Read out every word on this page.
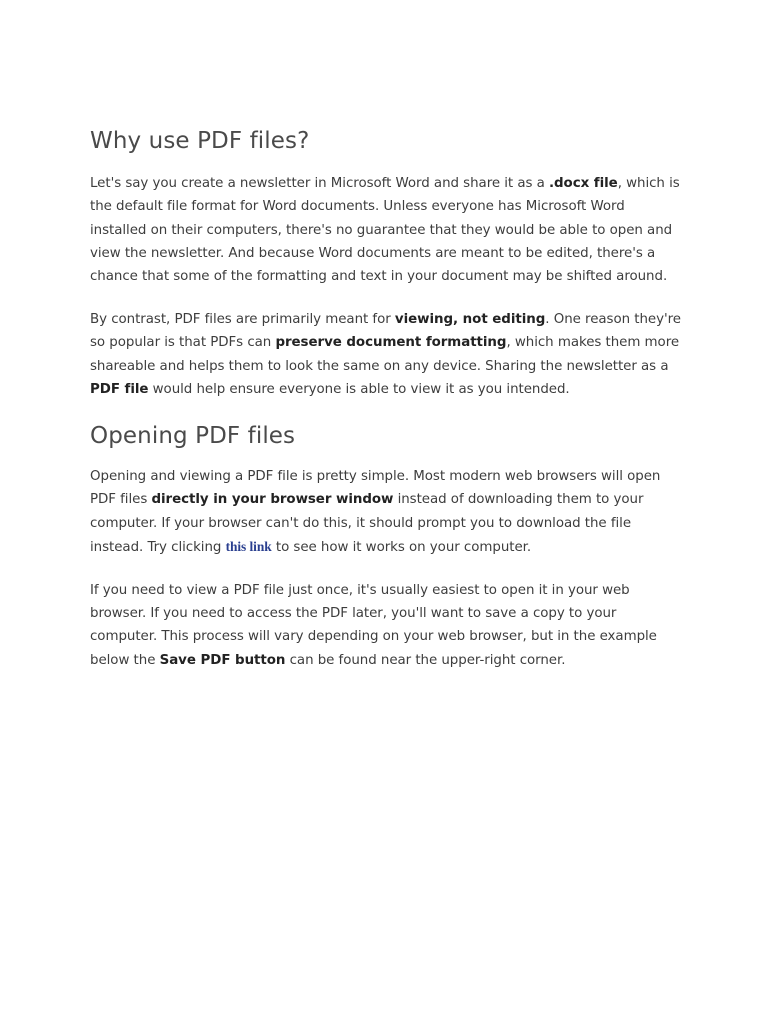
Why use PDF files?

Let's say you create a newsletter in Microsoft Word and share it as a .docx file, which is the default file format for Word documents. Unless everyone has Microsoft Word installed on their computers, there's no guarantee that they would be able to open and view the newsletter. And because Word documents are meant to be edited, there's a chance that some of the formatting and text in your document may be shifted around.

By contrast, PDF files are primarily meant for viewing, not editing. One reason they're so popular is that PDFs can preserve document formatting, which makes them more shareable and helps them to look the same on any device. Sharing the newsletter as a PDF file would help ensure everyone is able to view it as you intended.

Opening PDF files

Opening and viewing a PDF file is pretty simple. Most modern web browsers will open PDF files directly in your browser window instead of downloading them to your computer. If your browser can't do this, it should prompt you to download the file instead. Try clicking this link to see how it works on your computer.

If you need to view a PDF file just once, it's usually easiest to open it in your web browser. If you need to access the PDF later, you'll want to save a copy to your computer. This process will vary depending on your web browser, but in the example below the Save PDF button can be found near the upper-right corner.
